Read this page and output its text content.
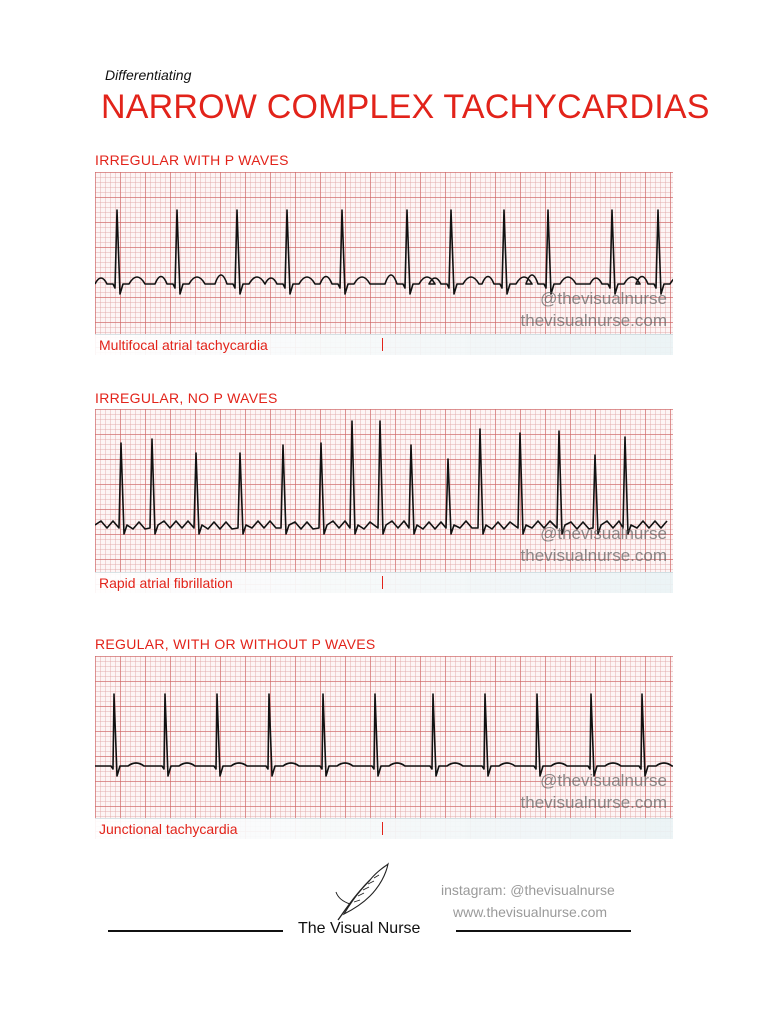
Differentiating
NARROW COMPLEX TACHYCARDIAS
IRREGULAR WITH P WAVES
@thevisualnurse
thevisualnurse.com
Multifocal atrial tachycardia
IRREGULAR, NO P WAVES
@thevisualnurse
thevisualnurse.com
Rapid atrial fibrillation
REGULAR, WITH OR WITHOUT P WAVES
@thevisualnurse
thevisualnurse.com
Junctional tachycardia
The Visual Nurse
instagram: @thevisualnurse
www.thevisualnurse.com
